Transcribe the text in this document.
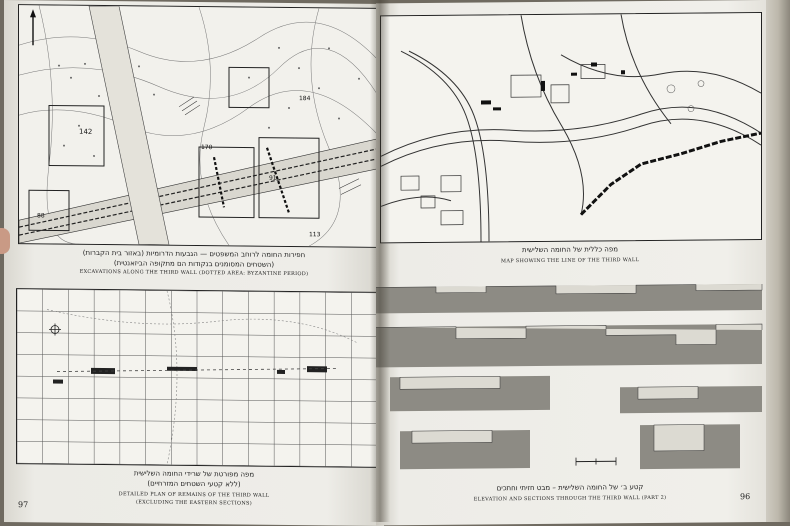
142
170
91
184
113
88
חפירות החומה לרוחב המשפטים — הגבעות הדרומיות (באזור בית הקברות)
(השטחים המסומנים בנקודות הם מתקופה הביזאנטית)
EXCAVATIONS ALONG THE THIRD WALL (DOTTED AREA: BYZANTINE PERIOD)
מפה מפורטת של שרידי החומה השלישית
(ללא קטעי השטחים המזרחיים)
DETAILED PLAN OF REMAINS OF THE THIRD WALL
(EXCLUDING THE EASTERN SECTIONS)
97
מפה כללית של החומה השלישית
MAP SHOWING THE LINE OF THE THIRD WALL
קטע ב׳ של החומה השלישית – מבט חזיתי וחתכים
ELEVATION AND SECTIONS THROUGH THE THIRD WALL (PART 2)	96
